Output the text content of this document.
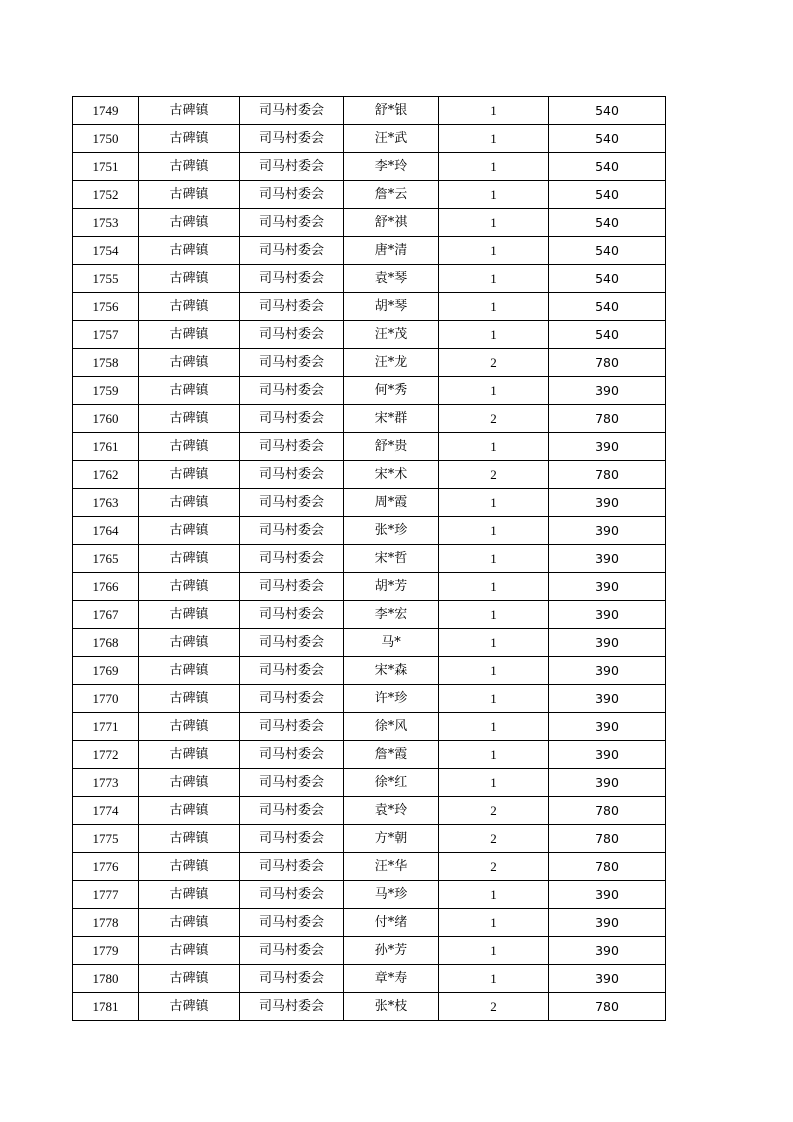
1749	古碑镇	司马村委会	舒*银	1	540
1750	古碑镇	司马村委会	汪*武	1	540
1751	古碑镇	司马村委会	李*玲	1	540
1752	古碑镇	司马村委会	詹*云	1	540
1753	古碑镇	司马村委会	舒*祺	1	540
1754	古碑镇	司马村委会	唐*清	1	540
1755	古碑镇	司马村委会	袁*琴	1	540
1756	古碑镇	司马村委会	胡*琴	1	540
1757	古碑镇	司马村委会	汪*茂	1	540
1758	古碑镇	司马村委会	汪*龙	2	780
1759	古碑镇	司马村委会	何*秀	1	390
1760	古碑镇	司马村委会	宋*群	2	780
1761	古碑镇	司马村委会	舒*贵	1	390
1762	古碑镇	司马村委会	宋*术	2	780
1763	古碑镇	司马村委会	周*霞	1	390
1764	古碑镇	司马村委会	张*珍	1	390
1765	古碑镇	司马村委会	宋*哲	1	390
1766	古碑镇	司马村委会	胡*芳	1	390
1767	古碑镇	司马村委会	李*宏	1	390
1768	古碑镇	司马村委会	马*	1	390
1769	古碑镇	司马村委会	宋*森	1	390
1770	古碑镇	司马村委会	许*珍	1	390
1771	古碑镇	司马村委会	徐*风	1	390
1772	古碑镇	司马村委会	詹*霞	1	390
1773	古碑镇	司马村委会	徐*红	1	390
1774	古碑镇	司马村委会	袁*玲	2	780
1775	古碑镇	司马村委会	方*朝	2	780
1776	古碑镇	司马村委会	汪*华	2	780
1777	古碑镇	司马村委会	马*珍	1	390
1778	古碑镇	司马村委会	付*绪	1	390
1779	古碑镇	司马村委会	孙*芳	1	390
1780	古碑镇	司马村委会	章*寿	1	390
1781	古碑镇	司马村委会	张*枝	2	780
